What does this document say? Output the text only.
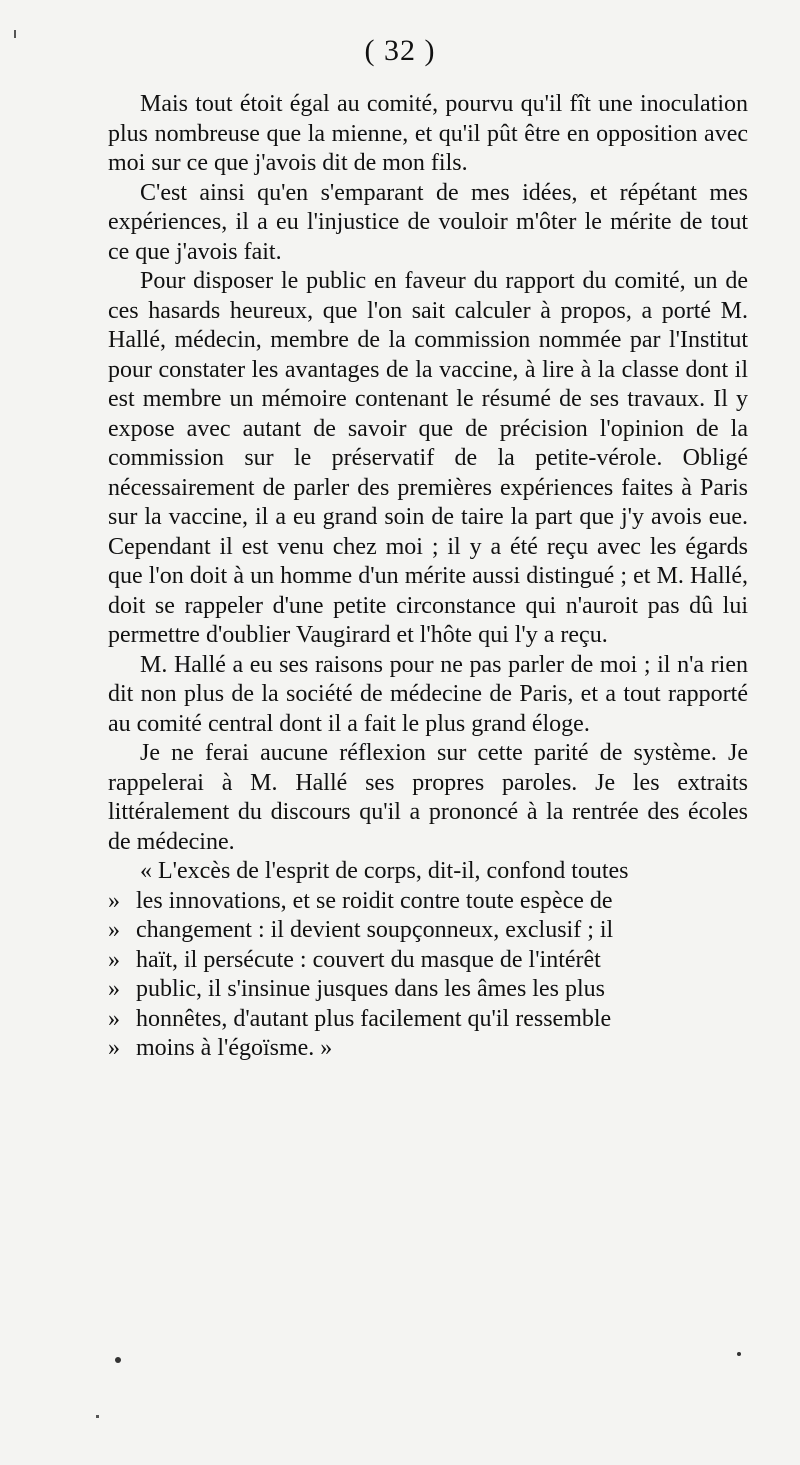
( 32 )

Mais tout étoit égal au comité, pourvu qu'il fît une inoculation plus nombreuse que la mienne, et qu'il pût être en opposition avec moi sur ce que j'avois dit de mon fils.

C'est ainsi qu'en s'emparant de mes idées, et répétant mes expériences, il a eu l'injustice de vouloir m'ôter le mérite de tout ce que j'avois fait.

Pour disposer le public en faveur du rapport du comité, un de ces hasards heureux, que l'on sait calculer à propos, a porté M. Hallé, médecin, membre de la commission nommée par l'Institut pour constater les avantages de la vaccine, à lire à la classe dont il est membre un mémoire contenant le résumé de ses travaux. Il y expose avec autant de savoir que de précision l'opinion de la commission sur le préservatif de la petite-vérole. Obligé nécessairement de parler des premières expériences faites à Paris sur la vaccine, il a eu grand soin de taire la part que j'y avois eue. Cependant il est venu chez moi ; il y a été reçu avec les égards que l'on doit à un homme d'un mérite aussi distingué ; et M. Hallé, doit se rappeler d'une petite circonstance qui n'auroit pas dû lui permettre d'oublier Vaugirard et l'hôte qui l'y a reçu.

M. Hallé a eu ses raisons pour ne pas parler de moi ; il n'a rien dit non plus de la société de médecine de Paris, et a tout rapporté au comité central dont il a fait le plus grand éloge.

Je ne ferai aucune réflexion sur cette parité de système. Je rappelerai à M. Hallé ses propres paroles. Je les extraits littéralement du discours qu'il a prononcé à la rentrée des écoles de médecine.

« L'excès de l'esprit de corps, dit-il, confond toutes
» les innovations, et se roidit contre toute espèce de
» changement : il devient soupçonneux, exclusif ; il
» haït, il persécute : couvert du masque de l'intérêt
» public, il s'insinue jusques dans les âmes les plus
» honnêtes, d'autant plus facilement qu'il ressemble
» moins à l'égoïsme. »
